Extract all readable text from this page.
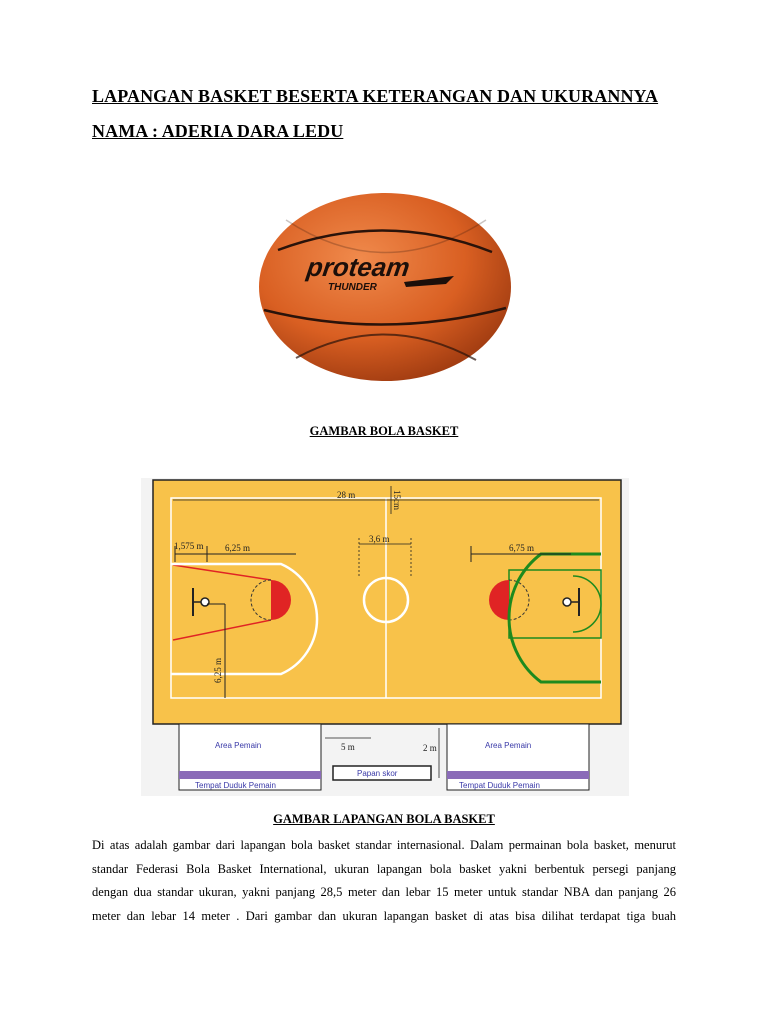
LAPANGAN BASKET BESERTA KETERANGAN DAN UKURANNYA
NAMA : ADERIA DARA LEDU
proteam
THUNDER
GAMBAR BOLA BASKET
1,575 m 6,25 m
6,25 m
6,75 m
28 m	15cm
3,6 m
Area Pemain	Area Pemain
Tempat Duduk Pemain	Tempat Duduk Pemain
5 m	2 m
Papan skor
GAMBAR LAPANGAN BOLA BASKET
Di atas adalah gambar dari lapangan bola basket standar internasional. Dalam permainan bola basket, menurut
standar Federasi Bola Basket International, ukuran lapangan bola basket yakni berbentuk persegi panjang
dengan dua standar ukuran, yakni panjang 28,5 meter dan lebar 15 meter untuk standar NBA dan panjang 26
meter dan lebar 14 meter . Dari gambar dan ukuran lapangan basket di atas bisa dilihat terdapat tiga buah
